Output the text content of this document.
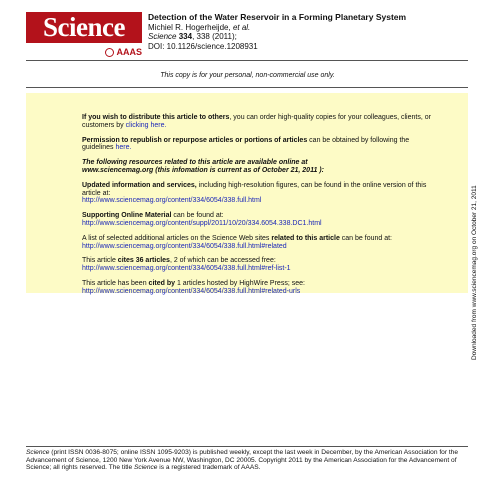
Science
AAAS
Detection of the Water Reservoir in a Forming Planetary System
Michiel R. Hogerheijde, et al.
Science 334, 338 (2011);
DOI: 10.1126/science.1208931
This copy is for your personal, non-commercial use only.

If you wish to distribute this article to others, you can order high-quality copies for your colleagues, clients, or customers by clicking here.

Permission to republish or repurpose articles or portions of articles can be obtained by following the guidelines here.

The following resources related to this article are available online at
www.sciencemag.org (this infomation is current as of October 21, 2011 ):

Updated information and services, including high-resolution figures, can be found in the online version of this article at:
http://www.sciencemag.org/content/334/6054/338.full.html

Supporting Online Material can be found at:
http://www.sciencemag.org/content/suppl/2011/10/20/334.6054.338.DC1.html

A list of selected additional articles on the Science Web sites related to this article can be found at:
http://www.sciencemag.org/content/334/6054/338.full.html#related

This article cites 36 articles, 2 of which can be accessed free:
http://www.sciencemag.org/content/334/6054/338.full.html#ref-list-1

This article has been cited by 1 articles hosted by HighWire Press; see:
http://www.sciencemag.org/content/334/6054/338.full.html#related-urls	Downloaded from www.sciencemag.org on October 21, 2011
Science (print ISSN 0036-8075; online ISSN 1095-9203) is published weekly, except the last week in December, by the American Association for the Advancement of Science, 1200 New York Avenue NW, Washington, DC 20005. Copyright 2011 by the American Association for the Advancement of Science; all rights reserved. The title Science is a registered trademark of AAAS.
